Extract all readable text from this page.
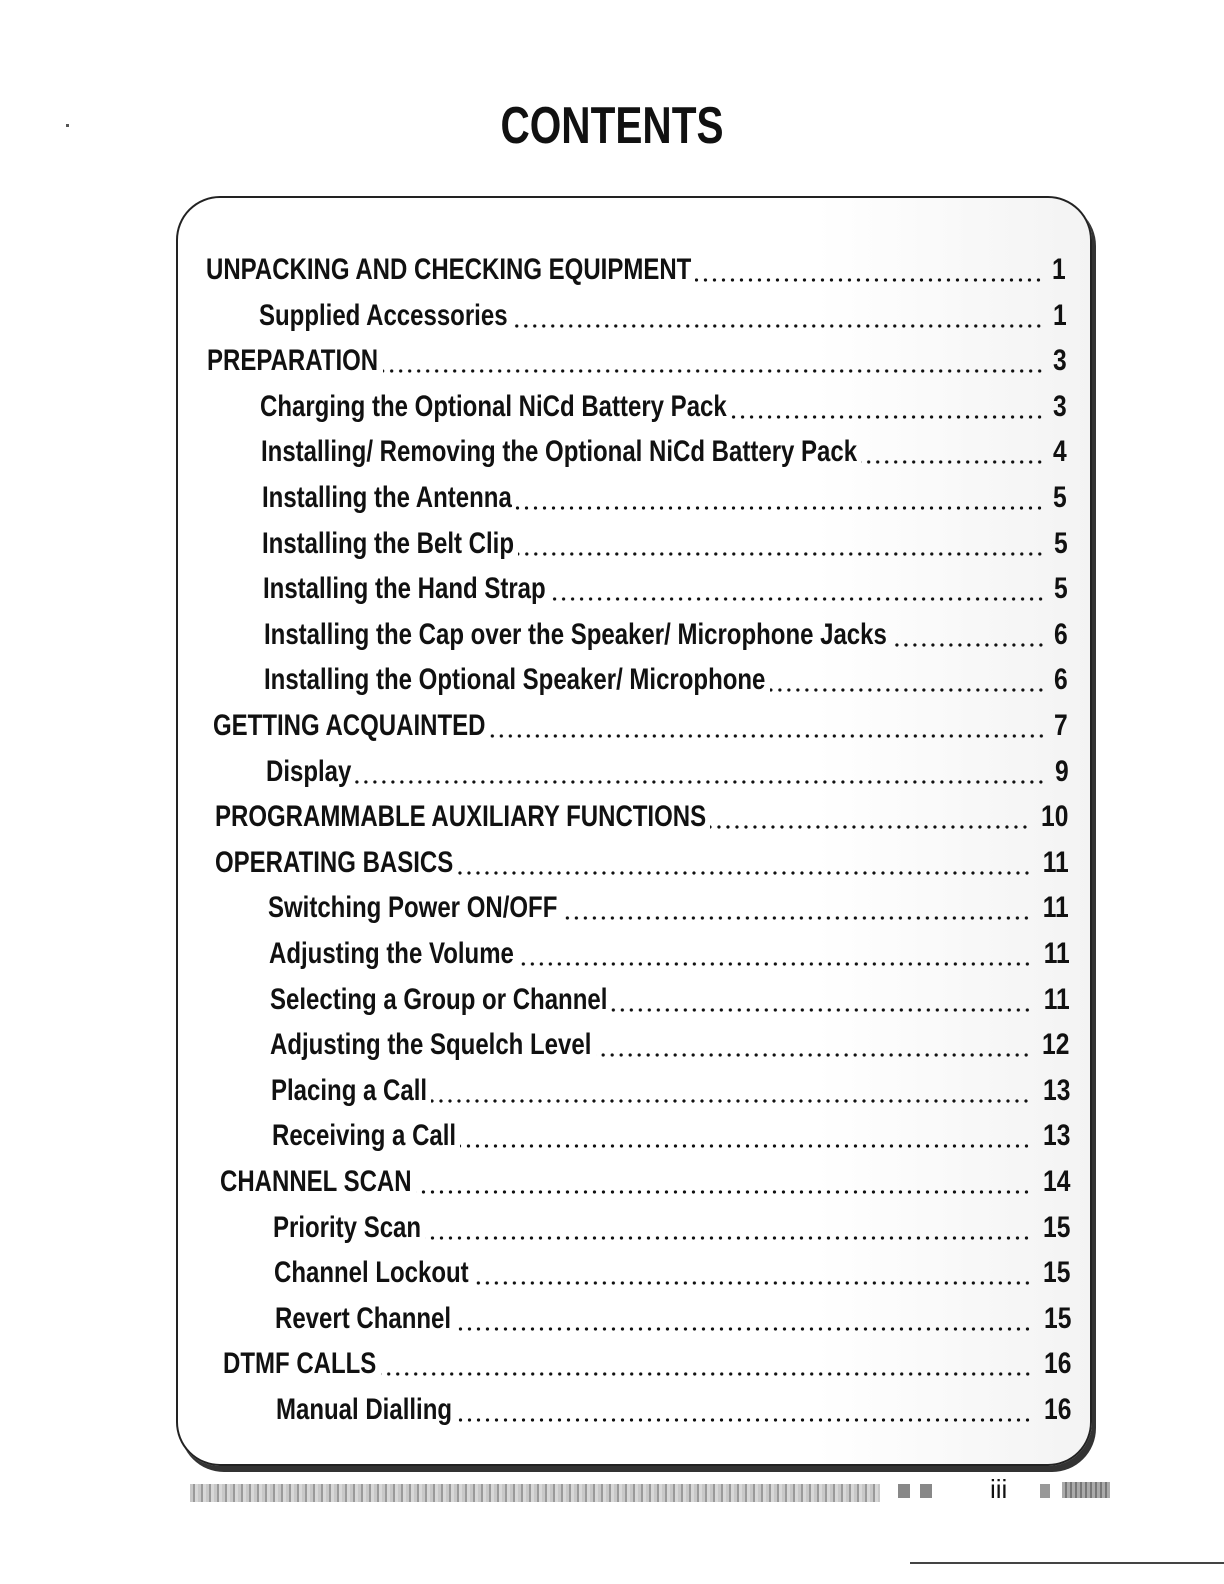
CONTENTS
UNPACKING AND CHECKING EQUIPMENT	1
Supplied Accessories	1
PREPARATION	3
Charging the Optional NiCd Battery Pack	3
Installing/ Removing the Optional NiCd Battery Pack	4
Installing the Antenna	5
Installing the Belt Clip	5
Installing the Hand Strap	5
Installing the Cap over the Speaker/ Microphone Jacks	6
Installing the Optional Speaker/ Microphone	6
GETTING ACQUAINTED	7
Display	9
PROGRAMMABLE AUXILIARY FUNCTIONS	10
OPERATING BASICS	11
Switching Power ON/OFF	11
Adjusting the Volume	11
Selecting a Group or Channel	11
Adjusting the Squelch Level	12
Placing a Call	13
Receiving a Call	13
CHANNEL SCAN	14
Priority Scan	15
Channel Lockout	15
Revert Channel	15
DTMF CALLS	16
Manual Dialling	16
iii
